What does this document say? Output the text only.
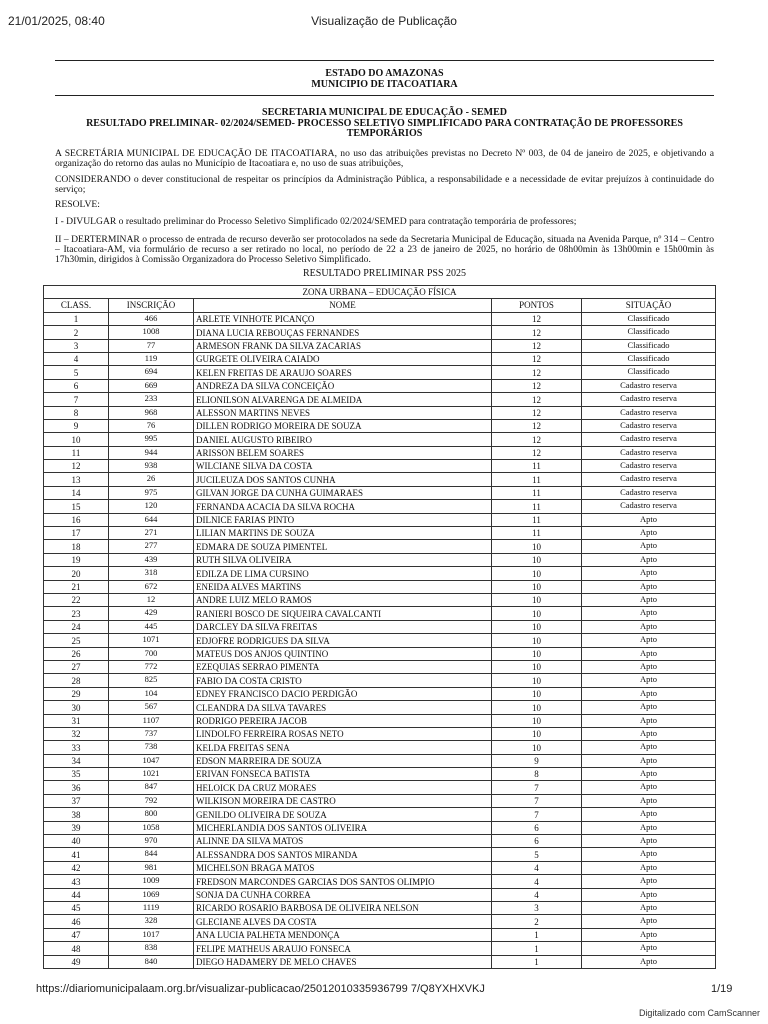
21/01/2025, 08:40	Visualização de Publicação
ESTADO DO AMAZONAS
MUNICIPIO DE ITACOATIARA
SECRETARIA MUNICIPAL DE EDUCAÇÃO - SEMED
RESULTADO PRELIMINAR- 02/2024/SEMED- PROCESSO SELETIVO SIMPLIFICADO PARA CONTRATAÇÃO DE PROFESSORES
TEMPORÁRIOS
A SECRETÁRIA MUNICIPAL DE EDUCAÇÃO DE ITACOATIARA, no uso das atribuições previstas no Decreto Nº 003, de 04 de janeiro de 2025, e objetivando a organização do retorno das aulas no Município de Itacoatiara e, no uso de suas atribuições,
CONSIDERANDO o dever constitucional de respeitar os princípios da Administração Pública, a responsabilidade e a necessidade de evitar prejuízos à continuidade do serviço;
RESOLVE:
I - DIVULGAR o resultado preliminar do Processo Seletivo Simplificado 02/2024/SEMED para contratação temporária de professores;
II – DERTERMINAR o processo de entrada de recurso deverão ser protocolados na sede da Secretaria Municipal de Educação, situada na Avenida Parque, nº 314 – Centro – Itacoatiara-AM, via formulário de recurso a ser retirado no local, no período de 22 a 23 de janeiro de 2025, no horário de 08h00min às 13h00min e 15h00min às 17h30min, dirigidos à Comissão Organizadora do Processo Seletivo Simplificado.
RESULTADO PRELIMINAR PSS 2025
ZONA URBANA – EDUCAÇÃO FÍSICA				
CLASS.	INSCRIÇÃO	NOME	PONTOS	SITUAÇÃO
1	466	ARLETE VINHOTE PICANÇO	12	Classificado
2	1008	DIANA LUCIA REBOUÇAS FERNANDES	12	Classificado
3	77	ARMESON FRANK DA SILVA ZACARIAS	12	Classificado
4	119	GURGETE OLIVEIRA CAIADO	12	Classificado
5	694	KELEN FREITAS DE ARAUJO SOARES	12	Classificado
6	669	ANDREZA DA SILVA CONCEIÇÃO	12	Cadastro reserva
7	233	ELIONILSON ALVARENGA DE ALMEIDA	12	Cadastro reserva
8	968	ALESSON MARTINS NEVES	12	Cadastro reserva
9	76	DILLEN RODRIGO MOREIRA DE SOUZA	12	Cadastro reserva
10	995	DANIEL AUGUSTO RIBEIRO	12	Cadastro reserva
11	944	ARISSON BELEM SOARES	12	Cadastro reserva
12	938	WILCIANE SILVA DA COSTA	11	Cadastro reserva
13	26	JUCILEUZA DOS SANTOS CUNHA	11	Cadastro reserva
14	975	GILVAN JORGE DA CUNHA GUIMARAES	11	Cadastro reserva
15	120	FERNANDA ACACIA DA SILVA ROCHA	11	Cadastro reserva
16	644	DILNICE FARIAS PINTO	11	Apto
17	271	LILIAN MARTINS DE SOUZA	11	Apto
18	277	EDMARA DE SOUZA PIMENTEL	10	Apto
19	439	RUTH SILVA OLIVEIRA	10	Apto
20	318	EDILZA DE LIMA CURSINO	10	Apto
21	672	ENEIDA ALVES MARTINS	10	Apto
22	12	ANDRE LUIZ MELO RAMOS	10	Apto
23	429	RANIERI BOSCO DE SIQUEIRA CAVALCANTI	10	Apto
24	445	DARCLEY DA SILVA FREITAS	10	Apto
25	1071	EDJOFRE RODRIGUES DA SILVA	10	Apto
26	700	MATEUS DOS ANJOS QUINTINO	10	Apto
27	772	EZEQUIAS SERRAO PIMENTA	10	Apto
28	825	FABIO DA COSTA CRISTO	10	Apto
29	104	EDNEY FRANCISCO DACIO PERDIGÃO	10	Apto
30	567	CLEANDRA DA SILVA TAVARES	10	Apto
31	1107	RODRIGO PEREIRA JACOB	10	Apto
32	737	LINDOLFO FERREIRA ROSAS NETO	10	Apto
33	738	KELDA FREITAS SENA	10	Apto
34	1047	EDSON MARREIRA DE SOUZA	9	Apto
35	1021	ERIVAN FONSECA BATISTA	8	Apto
36	847	HELOICK DA CRUZ MORAES	7	Apto
37	792	WILKISON MOREIRA DE CASTRO	7	Apto
38	800	GENILDO OLIVEIRA DE SOUZA	7	Apto
39	1058	MICHERLANDIA DOS SANTOS OLIVEIRA	6	Apto
40	970	ALINNE DA SILVA MATOS	6	Apto
41	844	ALESSANDRA DOS SANTOS MIRANDA	5	Apto
42	981	MICHELSON BRAGA MATOS	4	Apto
43	1009	FREDSON MARCONDES GARCIAS DOS SANTOS OLIMPIO	4	Apto
44	1069	SONJA DA CUNHA CORREA	4	Apto
45	1119	RICARDO ROSARIO BARBOSA DE OLIVEIRA NELSON	3	Apto
46	328	GLECIANE ALVES DA COSTA	2	Apto
47	1017	ANA LUCIA PALHETA MENDONÇA	1	Apto
48	838	FELIPE MATHEUS ARAUJO FONSECA	1	Apto
49	840	DIEGO HADAMERY DE MELO CHAVES	1	Apto
https://diariomunicipalaam.org.br/visualizar-publicacao/25012010335936799 7/Q8YXHXVKJ	1/19
Digitalizado com CamScanner
